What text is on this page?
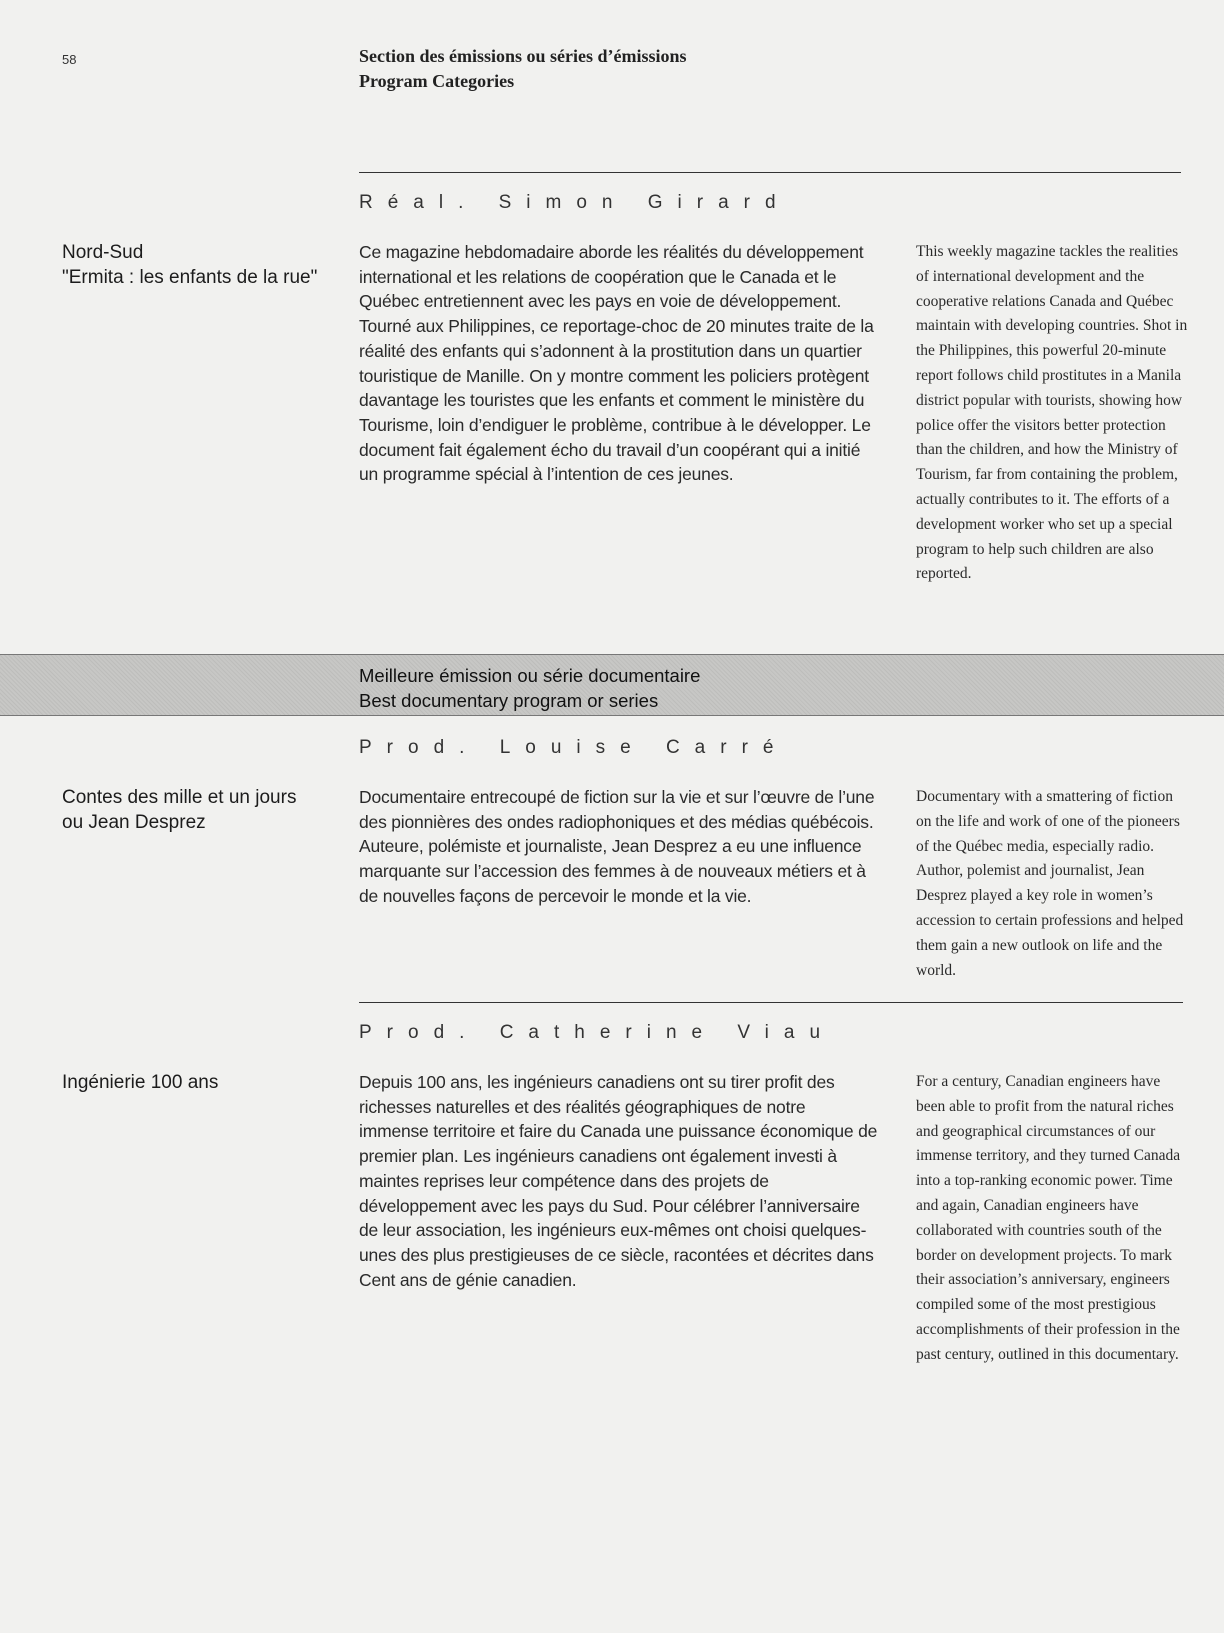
58	Section des émissions ou séries d’émissions
Program Categories
Réal. Simon Girard
Nord-Sud
"Ermita : les enfants de la rue"
Ce magazine hebdomadaire aborde les réalités du développement international et les relations de coopération que le Canada et le Québec entretiennent avec les pays en voie de développement. Tourné aux Philippines, ce reportage-choc de 20 minutes traite de la réalité des enfants qui s’adonnent à la prostitution dans un quartier touristique de Manille. On y montre comment les policiers protègent davantage les touristes que les enfants et comment le ministère du Tourisme, loin d’endiguer le problème, contribue à le développer. Le document fait également écho du travail d’un coopérant qui a initié un programme spécial à l’intention de ces jeunes.
This weekly magazine tackles the realities of international development and the cooperative relations Canada and Québec maintain with developing countries. Shot in the Philippines, this powerful 20-minute report follows child prostitutes in a Manila district popular with tourists, showing how police offer the visitors better protection than the children, and how the Ministry of Tourism, far from containing the problem, actually contributes to it. The efforts of a development worker who set up a special program to help such children are also reported.
Meilleure émission ou série documentaire
Best documentary program or series
Prod. Louise Carré
Contes des mille et un jours
ou Jean Desprez
Documentaire entrecoupé de fiction sur la vie et sur l’œuvre de l’une des pionnières des ondes radiophoniques et des médias québécois. Auteure, polémiste et journaliste, Jean Desprez a eu une influence marquante sur l’accession des femmes à de nouveaux métiers et à de nouvelles façons de percevoir le monde et la vie.
Documentary with a smattering of fiction on the life and work of one of the pioneers of the Québec media, especially radio. Author, polemist and journalist, Jean Desprez played a key role in women’s accession to certain professions and helped them gain a new outlook on life and the world.
Prod. Catherine Viau
Ingénierie 100 ans	Depuis 100 ans, les ingénieurs canadiens ont su tirer profit des richesses naturelles et des réalités géographiques de notre immense territoire et faire du Canada une puissance économique de premier plan. Les ingénieurs canadiens ont également investi à maintes reprises leur compétence dans des projets de développement avec les pays du Sud. Pour célébrer l’anniversaire de leur association, les ingénieurs eux-mêmes ont choisi quelques-unes des plus prestigieuses de ce siècle, racontées et décrites dans Cent ans de génie canadien.
For a century, Canadian engineers have been able to profit from the natural riches and geographical circumstances of our immense territory, and they turned Canada into a top-ranking economic power. Time and again, Canadian engineers have collaborated with countries south of the border on development projects. To mark their association’s anniversary, engineers compiled some of the most prestigious accomplishments of their profession in the past century, outlined in this documentary.
